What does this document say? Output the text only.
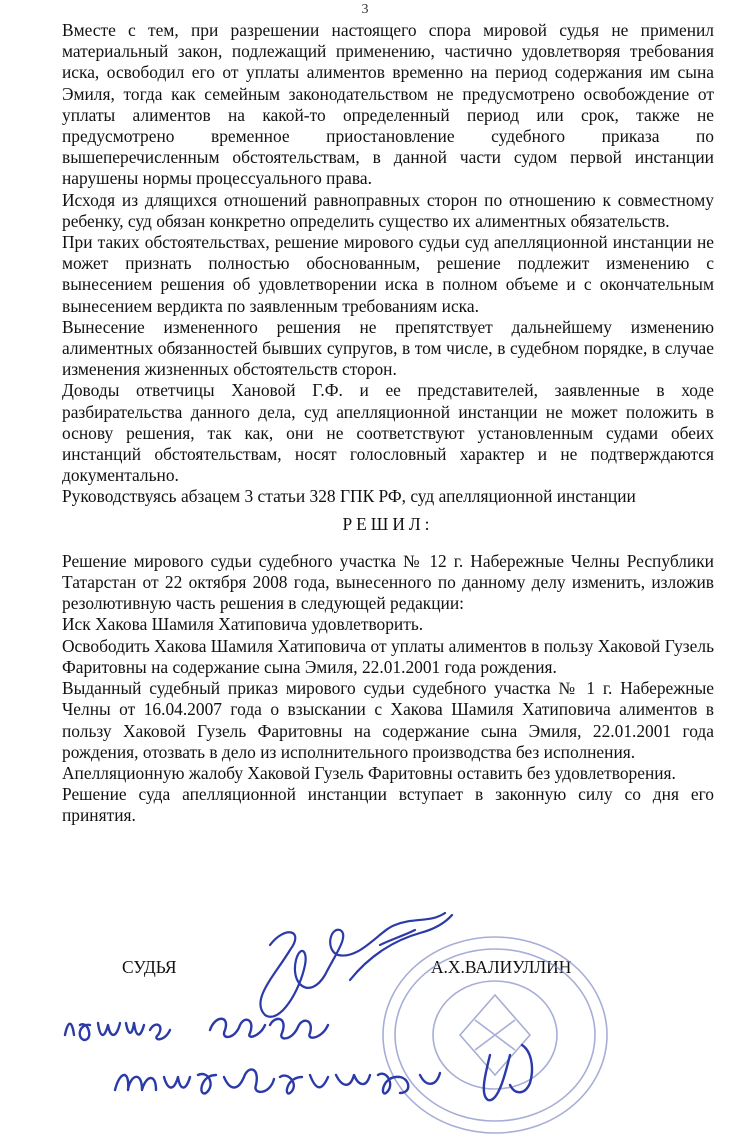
3

Вместе с тем, при разрешении настоящего спора мировой судья не применил материальный закон, подлежащий применению, частично удовлетворяя требования иска, освободил его от уплаты алиментов временно на период содержания им сына Эмиля, тогда как семейным законодательством не предусмотрено освобождение от уплаты алиментов на какой-то определенный период или срок, также не предусмотрено временное приостановление судебного приказа по вышеперечисленным обстоятельствам, в данной части судом первой инстанции нарушены нормы процессуального права.

Исходя из длящихся отношений равноправных сторон по отношению к совместному ребенку, суд обязан конкретно определить существо их алиментных обязательств.

При таких обстоятельствах, решение мирового судьи суд апелляционной инстанции не может признать полностью обоснованным, решение подлежит изменению с вынесением решения об удовлетворении иска в полном объеме и с окончательным вынесением вердикта по заявленным требованиям иска.

Вынесение измененного решения не препятствует дальнейшему изменению алиментных обязанностей бывших супругов, в том числе, в судебном порядке, в случае изменения жизненных обстоятельств сторон.

Доводы ответчицы Хановой Г.Ф. и ее представителей, заявленные в ходе разбирательства данного дела, суд апелляционной инстанции не может положить в основу решения, так как, они не соответствуют установленным судами обеих инстанций обстоятельствам, носят голословный характер и не подтверждаются документально.

Руководствуясь абзацем 3 статьи 328 ГПК РФ, суд апелляционной инстанции

РЕШИЛ:

Решение мирового судьи судебного участка № 12 г. Набережные Челны Республики Татарстан от 22 октября 2008 года, вынесенного по данному делу изменить, изложив резолютивную часть решения в следующей редакции:

Иск Хакова Шамиля Хатиповича удовлетворить.

Освободить Хакова Шамиля Хатиповича от уплаты алиментов в пользу Хаковой Гузель Фаритовны на содержание сына Эмиля, 22.01.2001 года рождения.

Выданный судебный приказ мирового судьи судебного участка № 1 г. Набережные Челны от 16.04.2007 года о взыскании с Хакова Шамиля Хатиповича алиментов в пользу Хаковой Гузель Фаритовны на содержание сына Эмиля, 22.01.2001 года рождения, отозвать в дело из исполнительного производства без исполнения.

Апелляционную жалобу Хаковой Гузель Фаритовны оставить без удовлетворения.

Решение суда апелляционной инстанции вступает в законную силу со дня его принятия.

СУДЬЯ	А.Х.ВАЛИУЛЛИН
